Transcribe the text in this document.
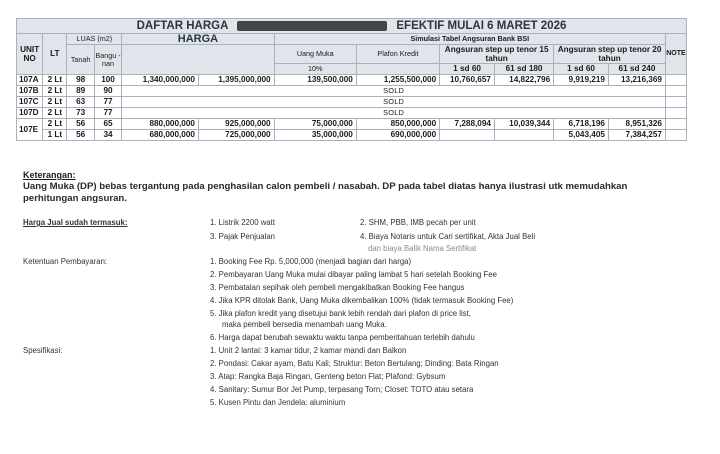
DAFTAR HARGA EFEKTIF MULAI 6 MARET 2026												
UNIT NO	LT	LUAS (m2)		HARGA		Simulasi Tabel Angsuran Bank BSI						NOTE
						Uang Muka	Plafon Kredit	Angsuran step up tenor 15 tahun		Angsuran step up tenor 20 tahun		
		Tanah	Bangu - nan									
						10%		1 sd 60	61 sd 180	1 sd 60	61 sd 240	
107A	2 Lt	98	100	1,340,000,000	1,395,000,000	139,500,000	1,255,500,000	10,760,657	14,822,796	9,919,219	13,216,369	
107B	2 Lt	89	90	SOLD								
107C	2 Lt	63	77	SOLD								
107D	2 Lt	73	77	SOLD								
107E	2 Lt	56	65	880,000,000	925,000,000	75,000,000	850,000,000	7,288,094	10,039,344	6,718,196	8,951,326	
	1 Lt	56	34	680,000,000	725,000,000	35,000,000	690,000,000			5,043,405	7,384,257	
Keterangan:
Uang Muka (DP) bebas tergantung pada penghasilan calon pembeli / nasabah. DP pada tabel diatas hanya ilustrasi utk memudahkan perhitungan angsuran.
Harga Jual sudah termasuk:	1. Listrik 2200 watt
3. Pajak Penjualan
2. SHM, PBB, IMB pecah per unit
4. Biaya Notaris untuk Cari sertifikat, Akta Jual Beli
dan biaya Balik Nama Sertifikat
Ketentuan Pembayaran:	1. Booking Fee Rp. 5,000,000 (menjadi bagian dari harga)
2. Pembayaran Uang Muka mulai dibayar paling lambat 5 hari setelah Booking Fee
3. Pembatalan sepihak oleh pembeli mengakibatkan Booking Fee hangus
4. Jika KPR ditolak Bank, Uang Muka dikembalikan 100% (tidak termasuk Booking Fee)
5. Jika plafon kredit yang disetujui bank lebih rendah dari plafon di price list,
maka pembeli bersedia menambah uang Muka.
6. Harga dapat berubah sewaktu waktu tanpa pemberitahuan terlebih dahulu
Spesifikasi:	1. Unit 2 lantai: 3 kamar tidur, 2 kamar mandi dan Balkon
2. Pondasi: Cakar ayam, Batu Kali; Struktur: Beton Bertulang; Dinding: Bata Ringan
3. Atap: Rangka Baja Ringan, Genteng beton Flat; Plafond: Gybsum
4. Sanitary: Sumur Bor Jet Pump, terpasang Torn; Closet: TOTO atau setara
5. Kusen Pintu dan Jendela: aluminium
